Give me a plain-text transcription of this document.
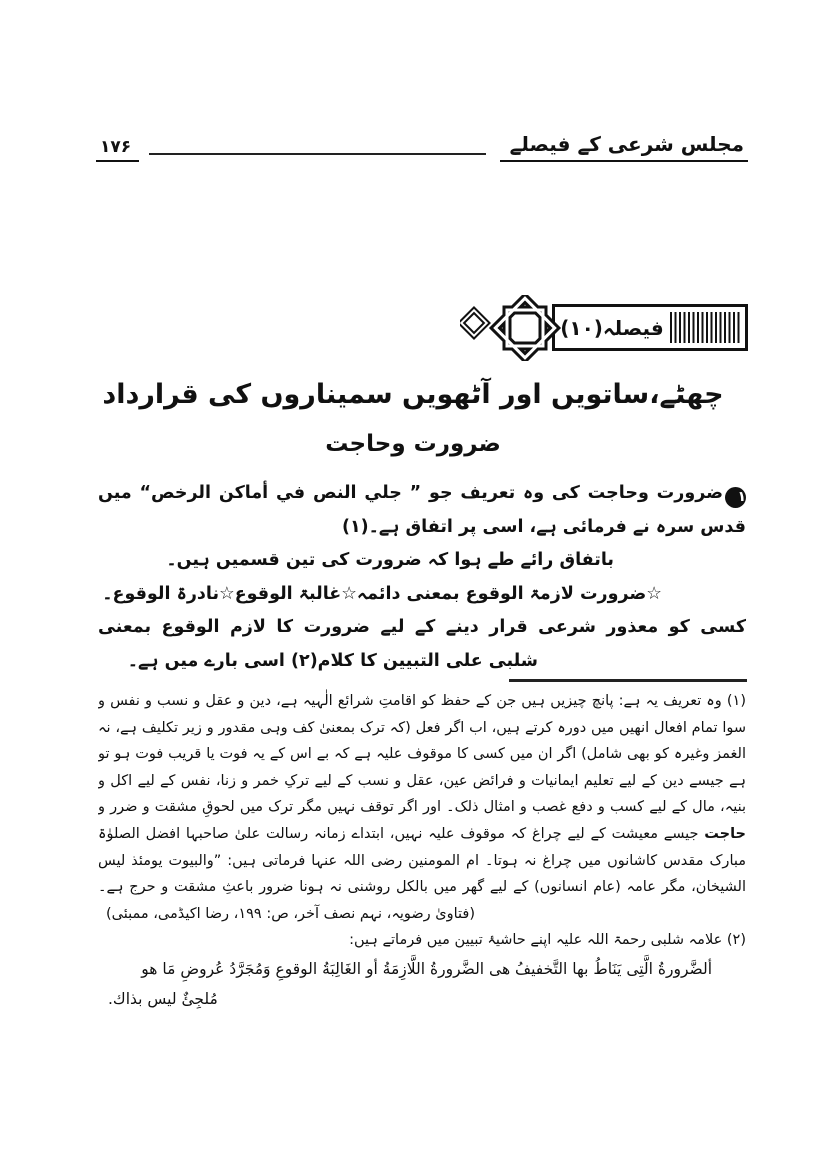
۱۷۶	مجلس شرعی کے فیصلے
فیصلہ(۱۰)
چھٹے،ساتویں اور آٹھویں سمیناروں کی قرارداد
ضرورت وحاجت
۱ضرورت وحاجت کی وہ تعریف جو ” جلي النص في أماكن الرخص“ میں
قدس سرہ نے فرمائی ہے، اسی پر اتفاق ہے۔(۱)
باتفاق رائے طے ہوا کہ ضرورت کی تین قسمیں ہیں۔
☆ضرورت لازمۃ الوقوع بمعنی دائمہ☆غالبۃ الوقوع☆نادرۃ الوقوع۔
کسی کو معذور شرعی قرار دینے کے لیے ضرورت کا لازم الوقوع بمعنی
شلبی علی التبیین کا کلام(۲) اسی بارے میں ہے۔
(۱) وہ تعریف یہ ہے: پانچ چیزیں ہیں جن کے حفظ کو اقامتِ شرائع الٰہیہ ہے، دین و عقل و نسب و نفس و
سوا تمام افعال انھیں میں دورہ کرتے ہیں، اب اگر فعل (کہ ترک بمعنیٰ کف وہی مقدور و زیر تکلیف ہے، نہ
الغمز وغیرہ کو بھی شامل) اگر ان میں کسی کا موقوف علیہ ہے کہ بے اس کے یہ فوت یا قریب فوت ہو تو
ہے جیسے دین کے لیے تعلیم ایمانیات و فرائض عین، عقل و نسب کے لیے ترکِ خمر و زنا، نفس کے لیے اکل و
بنیہ، مال کے لیے کسب و دفع غصب و امثال ذلک۔ اور اگر توقف نہیں مگر ترک میں لحوقِ مشقت و ضرر و
حاجت جیسے معیشت کے لیے چراغ کہ موقوف علیہ نہیں، ابتداے زمانہ رسالت علیٰ صاحبہا افضل الصلوٰۃ
مبارک مقدس کاشانوں میں چراغ نہ ہوتا۔ ام المومنین رضی اللہ عنہا فرماتی ہیں: ”والبیوت یومئذ لیس
الشیخان، مگر عامہ (عام انسانوں) کے لیے گھر میں بالکل روشنی نہ ہونا ضرور باعثِ مشقت و حرج ہے۔
(فتاویٰ رضویہ، نہم نصف آخر، ص: ۱۹۹، رضا اکیڈمی، ممبئی)
(۲) علامہ شلبی رحمۃ اللہ علیہ اپنے حاشیۂ تبیین میں فرماتے ہیں:
ألضَّرورةُ الَّتِى يَنَاطُ بها التَّخفيفُ هى الضَّرورةُ اللَّازِمَةُ أو الغَالِبَةُ الوقوعِ وَمُجَرَّدُ عُروضِ مَا هو
مُلجِئٌ ليس بذاك.
